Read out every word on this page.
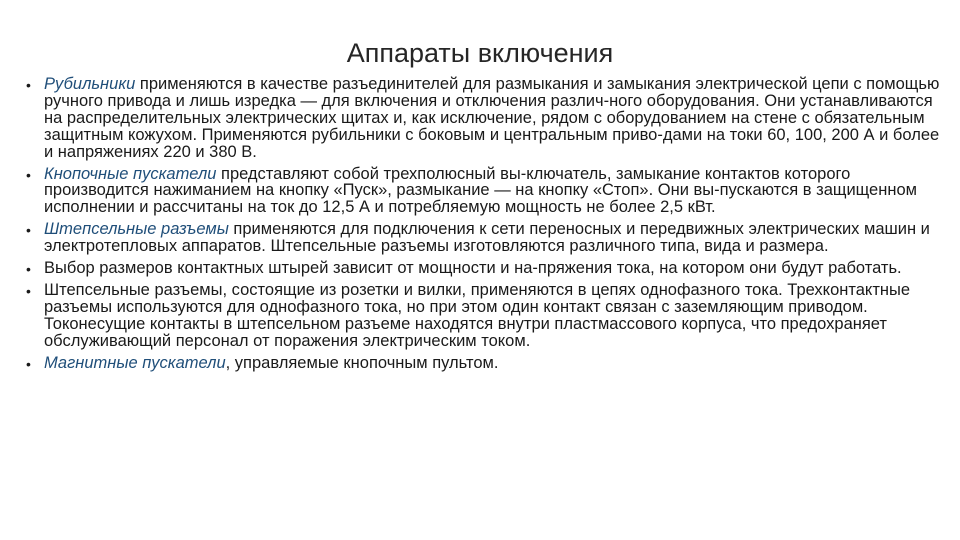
Аппараты включения
• Рубильники применяются в качестве разъединителей для размыкания и замыкания электрической цепи с помощью ручного привода и лишь изредка — для включения и отключения различ-ного оборудования. Они устанавливаются на распределительных электрических щитах и, как исключение, рядом с оборудованием на стене с обязательным защитным кожухом. Применяются рубильники с боковым и центральным приво-дами на токи 60, 100, 200 А и более и напряжениях 220 и 380 В.
• Кнопочные пускатели представляют собой трехполюсный вы-ключатель, замыкание контактов которого производится нажиманием на кнопку «Пуск», размыкание — на кнопку «Стоп». Они вы-пускаются в защищенном исполнении и рассчитаны на ток до 12,5 А и потребляемую мощность не более 2,5 кВт.
• Штепсельные разъемы применяются для подключения к сети переносных и передвижных электрических машин и электротепловых аппаратов. Штепсельные разъемы изготовляются различного типа, вида и размера.
• Выбор размеров контактных штырей зависит от мощности и на-пряжения тока, на котором они будут работать.
• Штепсельные разъемы, состоящие из розетки и вилки, применяются в цепях однофазного тока. Трехконтактные разъемы используются для однофазного тока, но при этом один контакт связан с заземляющим приводом. Токонесущие контакты в штепсельном разъеме находятся внутри пластмассового корпуса, что предохраняет обслуживающий персонал от поражения электрическим током.
• Магнитные пускатели, управляемые кнопочным пультом.
